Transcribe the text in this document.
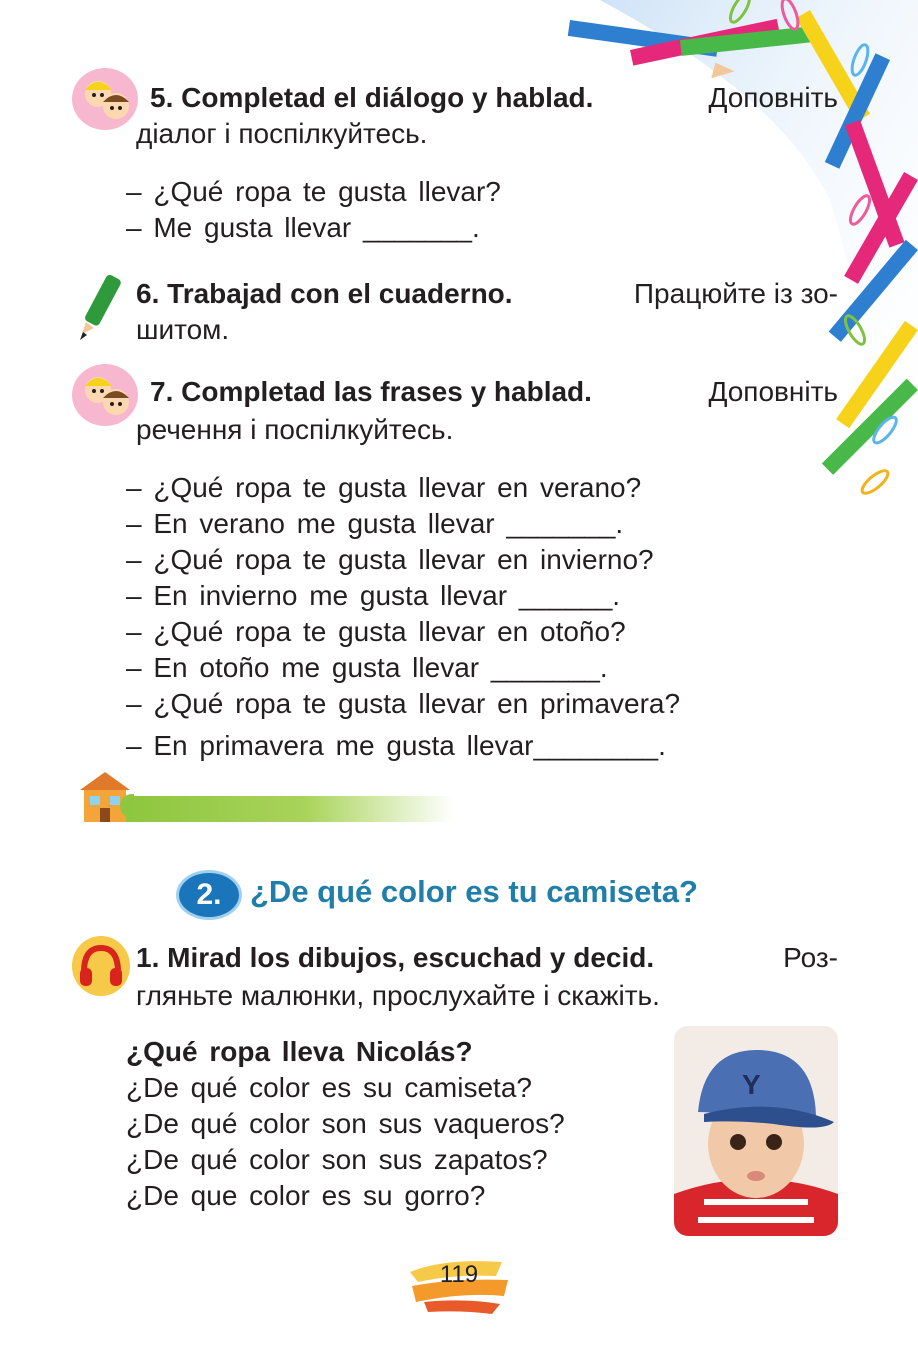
5. Completad el diálogo y hablad.	Доповніть
діалог і поспілкуйтесь.
– ¿Qué ropa te gusta llevar?
– Me gusta llevar _______.
6. Trabajad con el cuaderno.	Працюйте із зо-
шитом.
7. Completad las frases y hablad.	Доповніть
речення і поспілкуйтесь.
– ¿Qué ropa te gusta llevar en verano?
– En verano me gusta llevar _______.
– ¿Qué ropa te gusta llevar en invierno?
– En invierno me gusta llevar ______.
– ¿Qué ropa te gusta llevar en otoño?
– En otoño me gusta llevar _______.
– ¿Qué ropa te gusta llevar en primavera?
– En primavera me gusta llevar________.
2. ¿De qué color es tu camiseta?
1. Mirad los dibujos, escuchad y decid.	Роз-
гляньте малюнки, прослухайте і скажіть.
¿Qué ropa lleva Nicolás?
¿De qué color es su camiseta?
¿De qué color son sus vaqueros?
¿De qué color son sus zapatos?
¿De que color es su gorro?
Y
119
